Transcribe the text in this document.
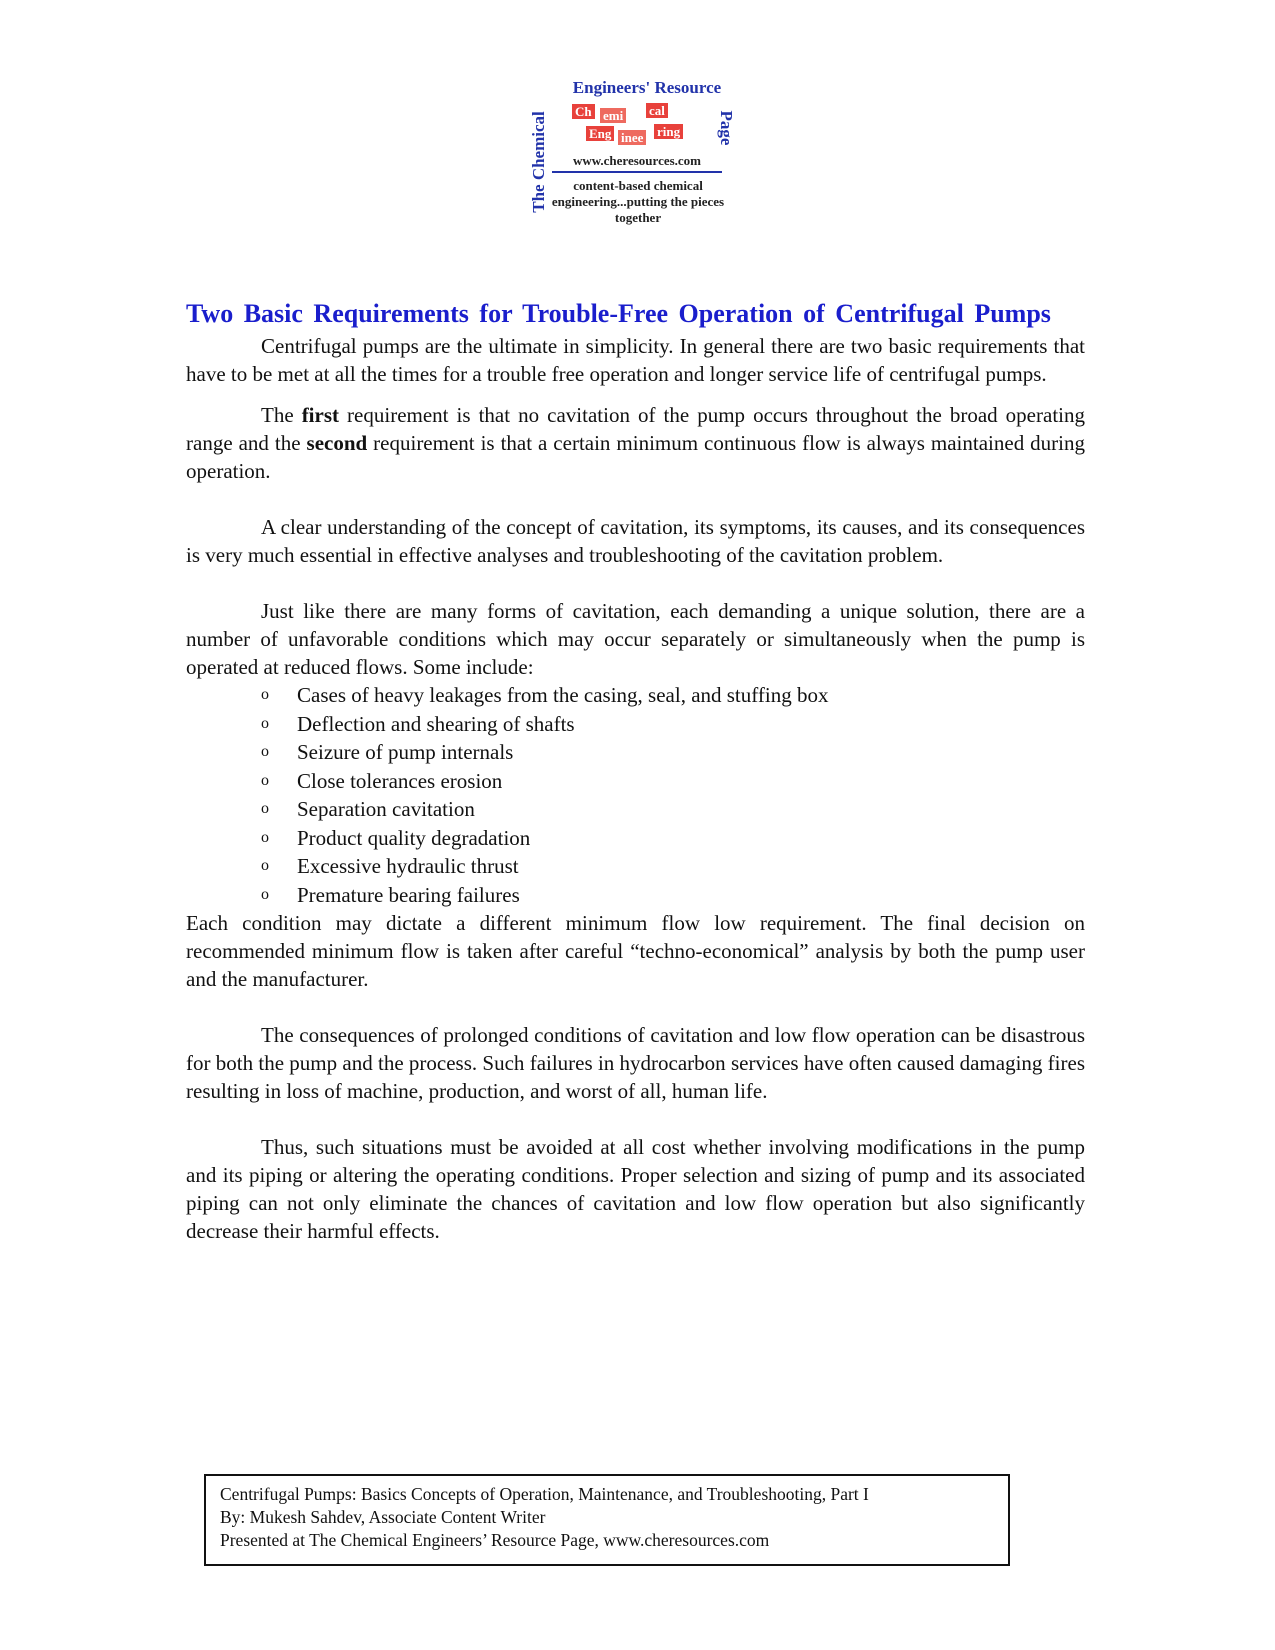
Engineers' Resource
The Chemical	Page
Ch emi cal
Eng inee ring
www.cheresources.com
content-based chemical engineering...putting the pieces together
Two Basic Requirements for Trouble-Free Operation of Centrifugal Pumps

Centrifugal pumps are the ultimate in simplicity. In general there are two basic requirements that have to be met at all the times for a trouble free operation and longer service life of centrifugal pumps.

The first requirement is that no cavitation of the pump occurs throughout the broad operating range and the second requirement is that a certain minimum continuous flow is always maintained during operation.

A clear understanding of the concept of cavitation, its symptoms, its causes, and its consequences is very much essential in effective analyses and troubleshooting of the cavitation problem.

Just like there are many forms of cavitation, each demanding a unique solution, there are a number of unfavorable conditions which may occur separately or simultaneously when the pump is operated at reduced flows. Some include:

o Cases of heavy leakages from the casing, seal, and stuffing box
o Deflection and shearing of shafts
o Seizure of pump internals
o Close tolerances erosion
o Separation cavitation
o Product quality degradation
o Excessive hydraulic thrust
o Premature bearing failures

Each condition may dictate a different minimum flow low requirement. The final decision on recommended minimum flow is taken after careful “techno-economical” analysis by both the pump user and the manufacturer.

The consequences of prolonged conditions of cavitation and low flow operation can be disastrous for both the pump and the process. Such failures in hydrocarbon services have often caused damaging fires resulting in loss of machine, production, and worst of all, human life.

Thus, such situations must be avoided at all cost whether involving modifications in the pump and its piping or altering the operating conditions. Proper selection and sizing of pump and its associated piping can not only eliminate the chances of cavitation and low flow operation but also significantly decrease their harmful effects.

Centrifugal Pumps: Basics Concepts of Operation, Maintenance, and Troubleshooting, Part I
By: Mukesh Sahdev, Associate Content Writer
Presented at The Chemical Engineers’ Resource Page, www.cheresources.com
